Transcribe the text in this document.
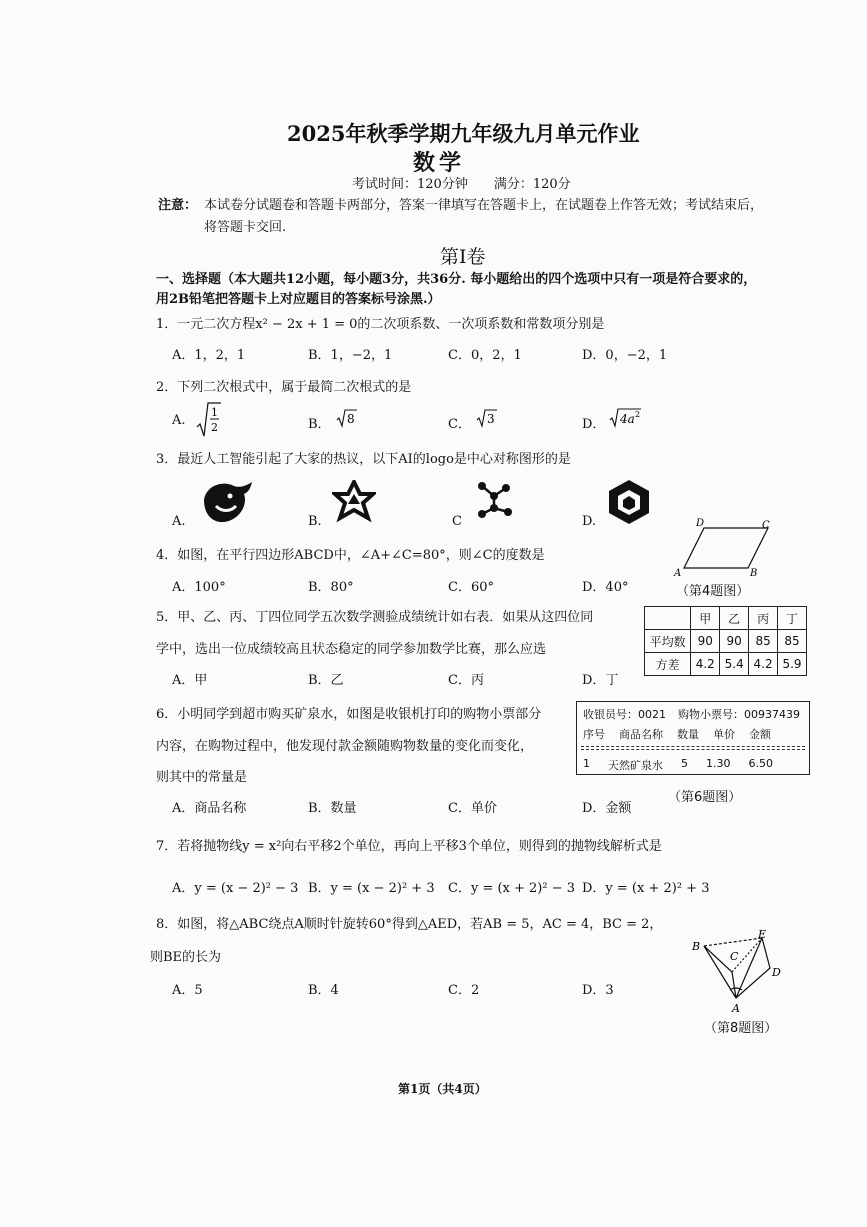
2025年秋季学期九年级九月单元作业
数学
考试时间：120分钟　　满分：120分
注意： 本试卷分试题卷和答题卡两部分，答案一律填写在答题卡上，在试题卷上作答无效；考试结束后，
将答题卡交回.
第Ⅰ卷
一、选择题（本大题共12小题，每小题3分，共36分. 每小题给出的四个选项中只有一项是符合要求的，
用2B铅笔把答题卡上对应题目的答案标号涂黑.）
1．一元二次方程x² − 2x + 1 = 0的二次项系数、一次项系数和常数项分别是
A．1，2，1	B．1，−2，1	C．0，2，1	D．0，−2，1
2．下列二次根式中，属于最简二次根式的是
A.
1
2	B． 8	C． 3	D． 4a 2
3．最近人工智能引起了大家的热议，以下AI的logo是中心对称图形的是
A.	B.	C	D.
4．如图，在平行四边形ABCD中，∠A+∠C=80°，则∠C的度数是
A．100°	B．80°	C．60°	D．40°
D	C
A	B
（第4题图）
5．甲、乙、丙、丁四位同学五次数学测验成绩统计如右表．如果从这四位同
学中，选出一位成绩较高且状态稳定的同学参加数学比赛，那么应选
A．甲	B．乙	C．丙	D．丁
	甲	乙	丙	丁
平均数	90	90	85	85
方差	4.2	5.4	4.2	5.9
6．小明同学到超市购买矿泉水，如图是收银机打印的购物小票部分
内容，在购物过程中，他发现付款金额随购物数量的变化而变化，
则其中的常量是
A．商品名称	B．数量	C．单价	D．金额
收银员号：0021 购物小票号：00937439
序号 商品名称 数量 单价 金额
1 天然矿泉水 5 1.30 6.50
（第6题图）
7．若将抛物线y = x²向右平移2个单位，再向上平移3个单位，则得到的抛物线解析式是
A．y = (x − 2)² − 3 B．y = (x − 2)² + 3 C．y = (x + 2)² − 3 D．y = (x + 2)² + 3
8．如图，将△ABC绕点A顺时针旋转60°得到△AED，若AB = 5，AC = 4，BC = 2，
则BE的长为
A．5	B．4	C．2	D．3
B
E
C
D
A
（第8题图）
第1页（共4页）
